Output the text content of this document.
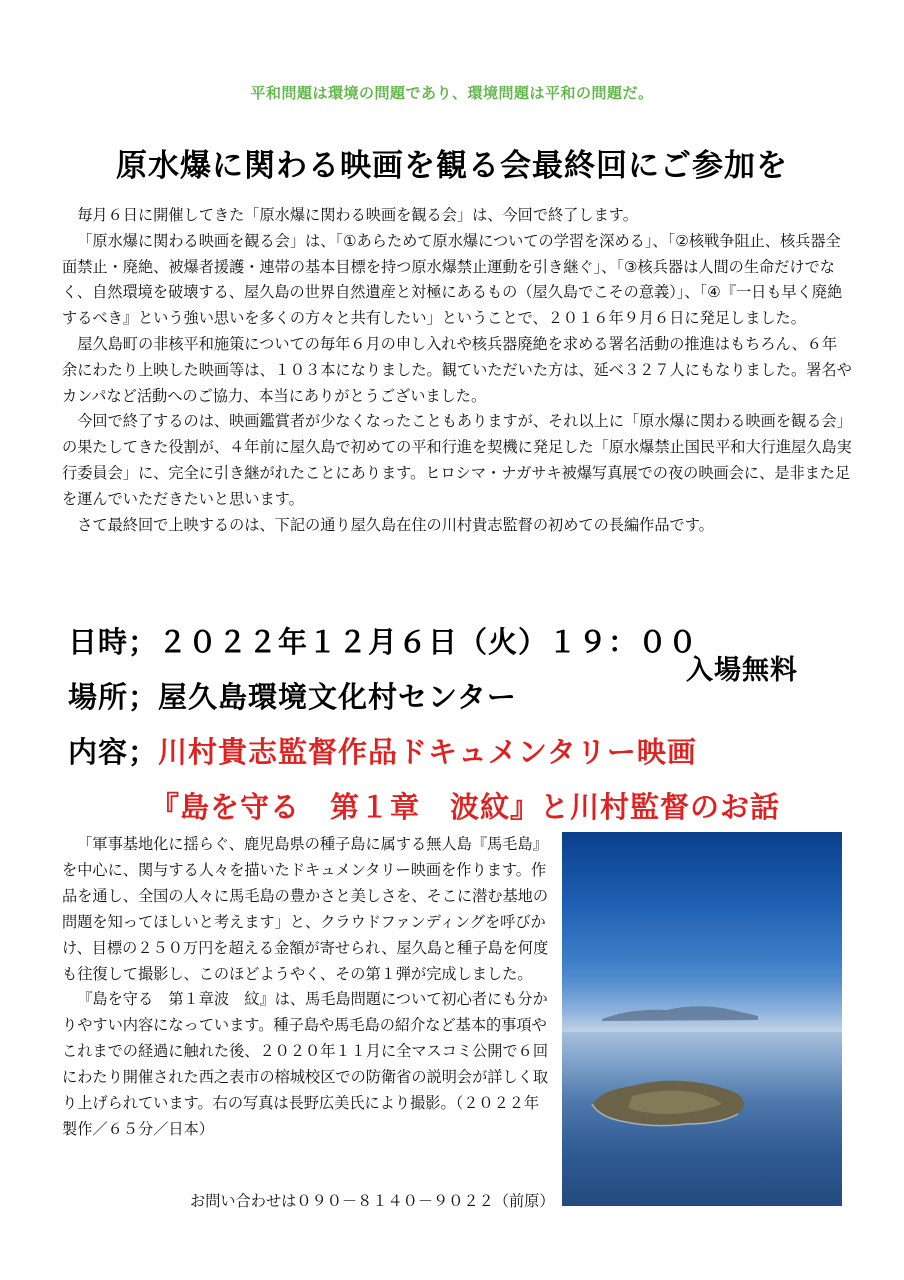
平和問題は環境の問題であり、環境問題は平和の問題だ。
原水爆に関わる映画を観る会最終回にご参加を

毎月６日に開催してきた「原水爆に関わる映画を観る会」は、今回で終了します。

「原水爆に関わる映画を観る会」は、「①あらためて原水爆についての学習を深める」、「②核戦争阻止、核兵器全面禁止・廃絶、被爆者援護・連帯の基本目標を持つ原水爆禁止運動を引き継ぐ」、「③核兵器は人間の生命だけでなく、自然環境を破壊する、屋久島の世界自然遺産と対極にあるもの（屋久島でこその意義）」、「④『一日も早く廃絶するべき』という強い思いを多くの方々と共有したい」ということで、２０１６年９月６日に発足しました。

屋久島町の非核平和施策についての毎年６月の申し入れや核兵器廃絶を求める署名活動の推進はもちろん、６年余にわたり上映した映画等は、１０３本になりました。観ていただいた方は、延べ３２７人にもなりました。署名やカンパなど活動へのご協力、本当にありがとうございました。

今回で終了するのは、映画鑑賞者が少なくなったこともありますが、それ以上に「原水爆に関わる映画を観る会」の果たしてきた役割が、４年前に屋久島で初めての平和行進を契機に発足した「原水爆禁止国民平和大行進屋久島実行委員会」に、完全に引き継がれたことにあります。ヒロシマ・ナガサキ被爆写真展での夜の映画会に、是非また足を運んでいただきたいと思います。

さて最終回で上映するのは、下記の通り屋久島在住の川村貴志監督の初めての長編作品です。

日時；２０２２年１２月６日（火）１９：００
入場無料
場所；屋久島環境文化村センター
内容；川村貴志監督作品ドキュメンタリー映画
『島を守る　第１章　波紋』と川村監督のお話

「軍事基地化に揺らぐ、鹿児島県の種子島に属する無人島『馬毛島』を中心に、関与する人々を描いたドキュメンタリー映画を作ります。作品を通し、全国の人々に馬毛島の豊かさと美しさを、そこに潜む基地の問題を知ってほしいと考えます」と、クラウドファンディングを呼びかけ、目標の２５０万円を超える金額が寄せられ、屋久島と種子島を何度も往復して撮影し、このほどようやく、その第１弾が完成しました。

『島を守る　第１章波　紋』は、馬毛島問題について初心者にも分かりやすい内容になっています。種子島や馬毛島の紹介など基本的事項やこれまでの経過に触れた後、２０２０年１１月に全マスコミ公開で６回にわたり開催された西之表市の榕城校区での防衛省の説明会が詳しく取り上げられています。右の写真は長野広美氏により撮影。（２０２２年製作／６５分／日本）

お問い合わせは０９０－８１４０－９０２２（前原）
